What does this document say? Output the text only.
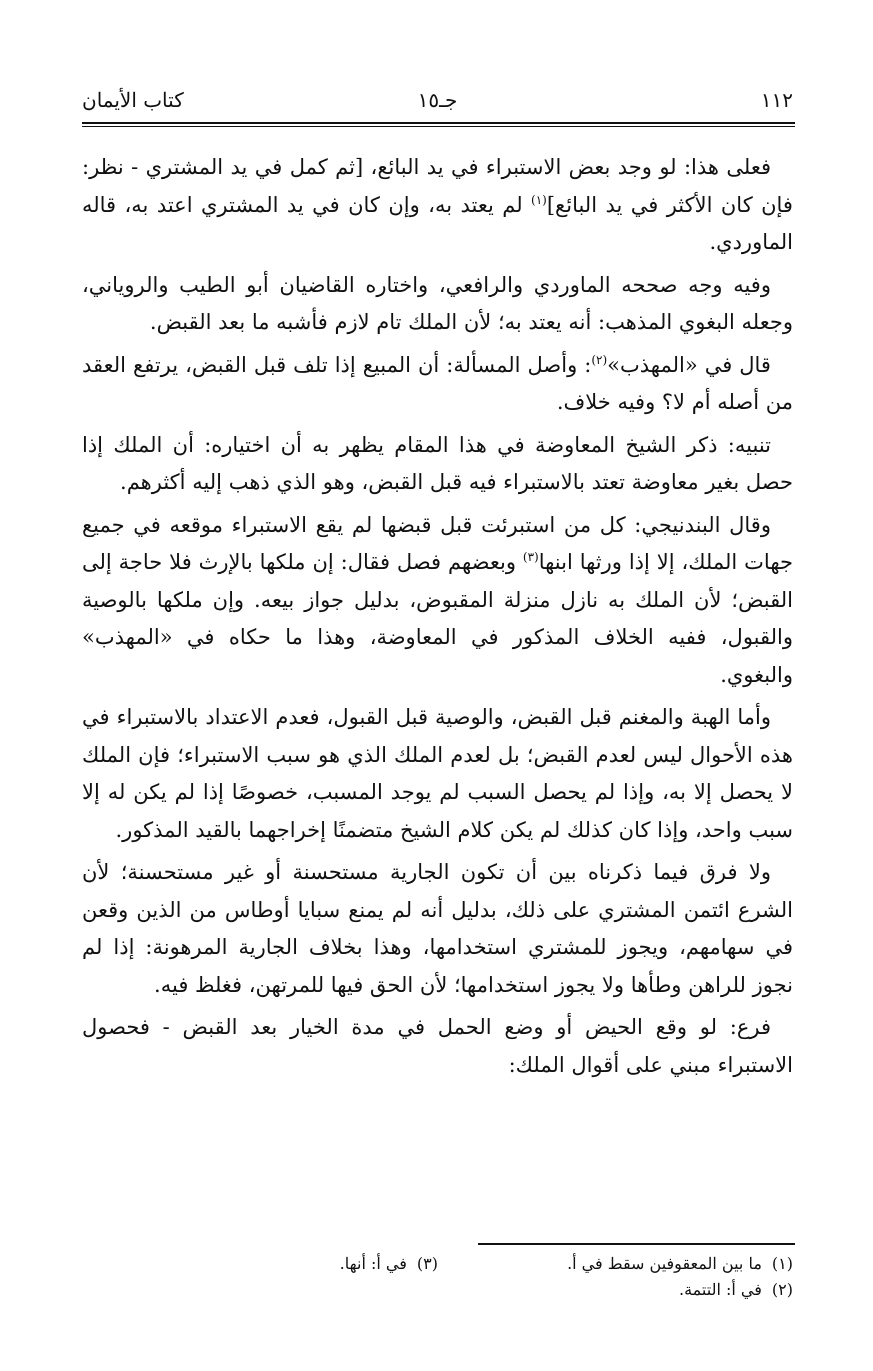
١١٢
جـ١٥
كتاب الأيمان

فعلى هذا: لو وجد بعض الاستبراء في يد البائع، [ثم كمل في يد المشتري - نظر: فإن كان الأكثر في يد البائع]$^{(١)}$ لم يعتد به، وإن كان في يد المشتري اعتد به، قاله الماوردي.

وفيه وجه صححه الماوردي والرافعي، واختاره القاضيان أبو الطيب والروياني، وجعله البغوي المذهب: أنه يعتد به؛ لأن الملك تام لازم فأشبه ما بعد القبض.

قال في «المهذب»$^{(٢)}$: وأصل المسألة: أن المبيع إذا تلف قبل القبض، يرتفع العقد من أصله أم لا؟ وفيه خلاف.

تنبيه: ذكر الشيخ المعاوضة في هذا المقام يظهر به أن اختياره: أن الملك إذا حصل بغير معاوضة تعتد بالاستبراء فيه قبل القبض، وهو الذي ذهب إليه أكثرهم.

وقال البندنيجي: كل من استبرئت قبل قبضها لم يقع الاستبراء موقعه في جميع جهات الملك، إلا إذا ورثها ابنها$^{(٣)}$ وبعضهم فصل فقال: إن ملكها بالإرث فلا حاجة إلى القبض؛ لأن الملك به نازل منزلة المقبوض، بدليل جواز بيعه. وإن ملكها بالوصية والقبول، ففيه الخلاف المذكور في المعاوضة، وهذا ما حكاه في «المهذب» والبغوي.

وأما الهبة والمغنم قبل القبض، والوصية قبل القبول، فعدم الاعتداد بالاستبراء في هذه الأحوال ليس لعدم القبض؛ بل لعدم الملك الذي هو سبب الاستبراء؛ فإن الملك لا يحصل إلا به، وإذا لم يحصل السبب لم يوجد المسبب، خصوصًا إذا لم يكن له إلا سبب واحد، وإذا كان كذلك لم يكن كلام الشيخ متضمنًا إخراجهما بالقيد المذكور.

ولا فرق فيما ذكرناه بين أن تكون الجارية مستحسنة أو غير مستحسنة؛ لأن الشرع ائتمن المشتري على ذلك، بدليل أنه لم يمنع سبايا أوطاس من الذين وقعن في سهامهم، ويجوز للمشتري استخدامها، وهذا بخلاف الجارية المرهونة: إذا لم نجوز للراهن وطأها ولا يجوز استخدامها؛ لأن الحق فيها للمرتهن، فغلظ فيه.

فرع: لو وقع الحيض أو وضع الحمل في مدة الخيار بعد القبض - فحصول الاستبراء مبني على أقوال الملك:

(١)ما بين المعقوفين سقط في أ.
(٣)في أ: أنها.
(٢)في أ: التتمة.
